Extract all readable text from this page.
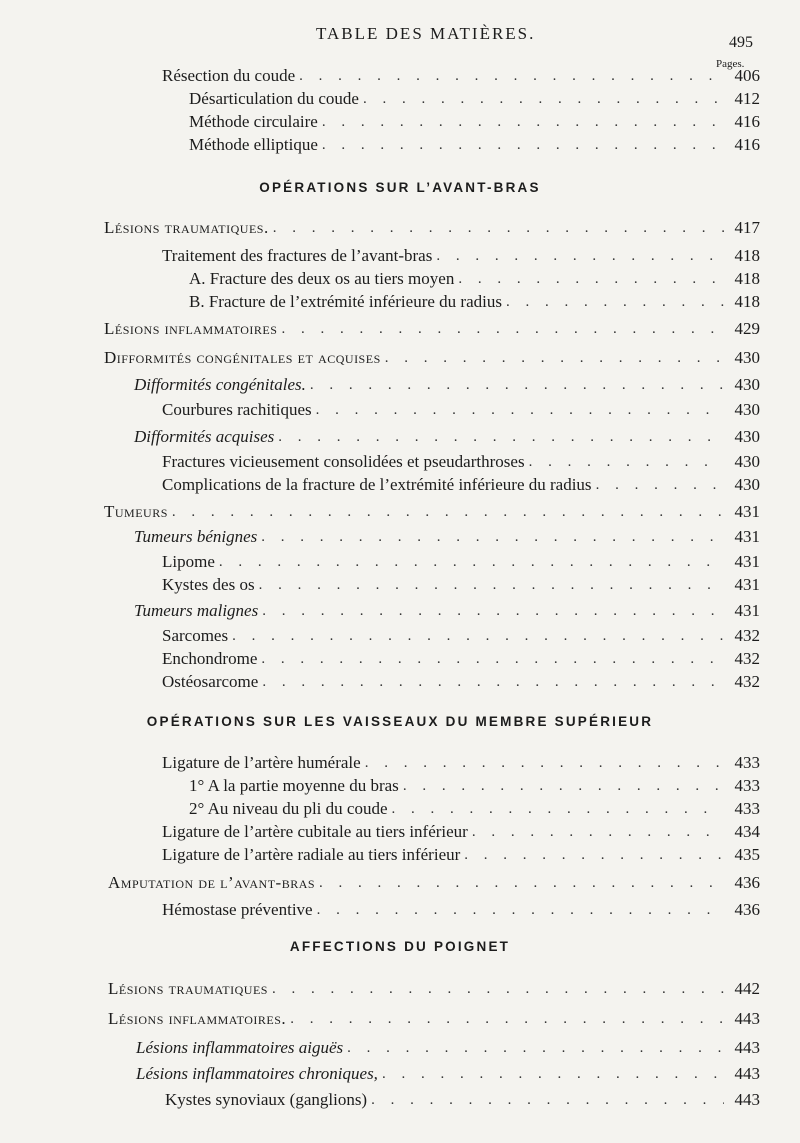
TABLE DES MATIÈRES.	495
Pages.
OPÉRATIONS SUR L’AVANT-BRAS
OPÉRATIONS SUR LES VAISSEAUX DU MEMBRE SUPÉRIEUR
AFFECTIONS DU POIGNET
Résection du coude . . .	406
Désarticulation du coude . . .	412
Méthode circulaire . . .	416
Méthode elliptique . . .	416
Lésions traumatiques. . . .	417
Traitement des fractures de l’avant-bras . . .	418
A. Fracture des deux os au tiers moyen . . .	418
B. Fracture de l’extrémité inférieure du radius . . .	418
Lésions inflammatoires . . .	429
Difformités congénitales et acquises . . .	430
Difformités congénitales. . . .	430
Courbures rachitiques . . .	430
Difformités acquises . . .	430
Fractures vicieusement consolidées et pseudarthroses . . .	430
Complications de la fracture de l’extrémité inférieure du radius . . .	430
Tumeurs . . .	431
Tumeurs bénignes . . .	431
Lipome . . .	431
Kystes des os . . .	431
Tumeurs malignes . . .	431
Sarcomes . . .	432
Enchondrome . . .	432
Ostéosarcome . . .	432
Ligature de l’artère humérale . . .	433
1° A la partie moyenne du bras . . .	433
2° Au niveau du pli du coude . . .	433
Ligature de l’artère cubitale au tiers inférieur . . .	434
Ligature de l’artère radiale au tiers inférieur . . .	435
Amputation de l’avant-bras . . .	436
Hémostase préventive . . .	436
Lésions traumatiques . . .	442
Lésions inflammatoires. . . .	443
Lésions inflammatoires aiguës . . .	443
Lésions inflammatoires chroniques, . . .	443
Kystes synoviaux (ganglions) . . .	443
